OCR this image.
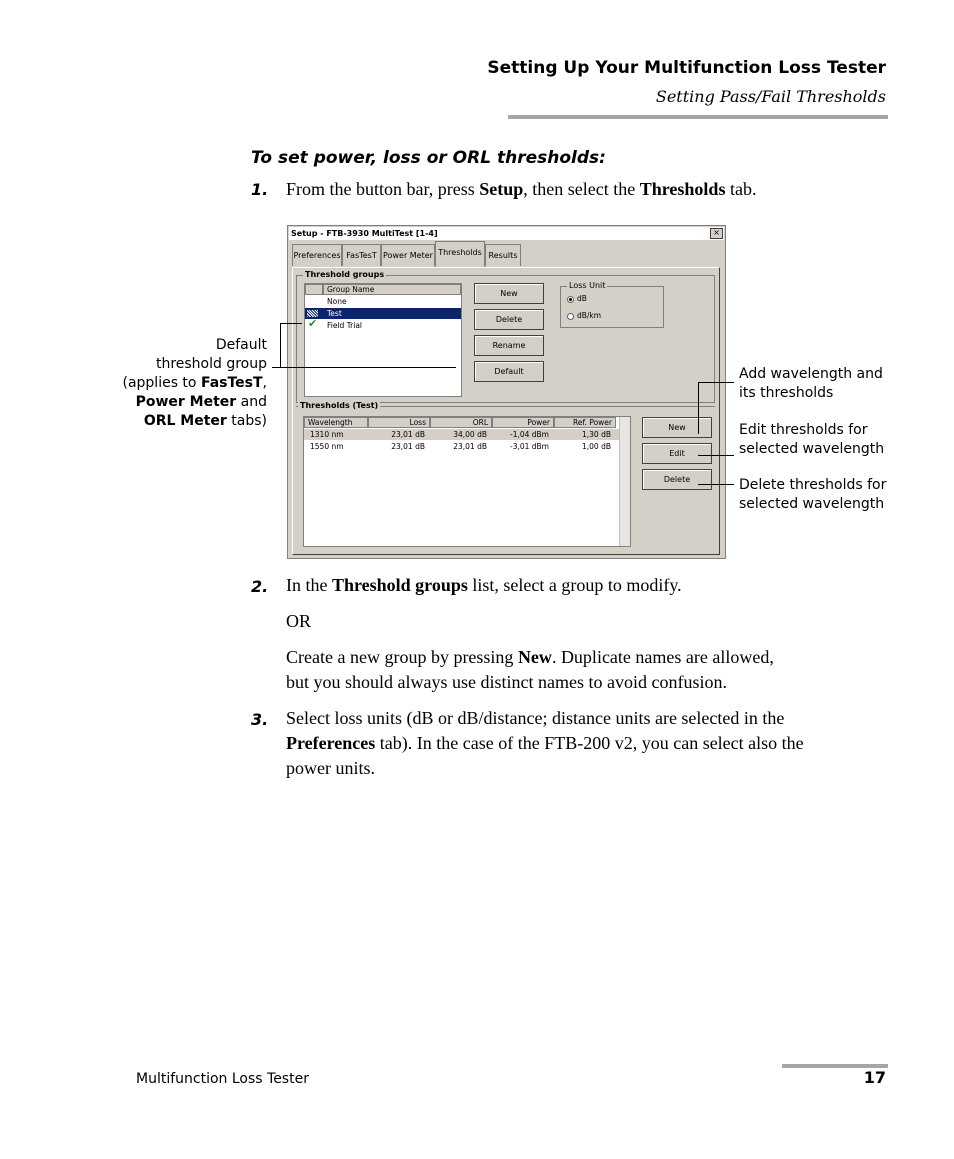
Setting Up Your Multifunction Loss Tester
Setting Pass/Fail Thresholds
To set power, loss or ORL thresholds:
1. From the button bar, press Setup, then select the Thresholds tab.
Setup - FTB-3930 MultiTest [1-4]	×
Preferences FasTesT Power Meter Thresholds Results
Threshold groups
Group Name
None
Test
✔ Field Trial
New
Delete
Rename
Default
Loss Unit
dB
dB/km
Thresholds (Test)
Wavelength	Loss	ORL	Power	Ref. Power
1310 nm	23,01 dB	34,00 dB	-1,04 dBm	1,30 dB
1550 nm	23,01 dB	23,01 dB	-3,01 dBm	1,00 dB
New
Edit
Delete
Default
threshold group
(applies to FasTesT,
Power Meter and
ORL Meter tabs)
Add wavelength and
its thresholds
Edit thresholds for
selected wavelength
Delete thresholds for
selected wavelength
2. In the Threshold groups list, select a group to modify.
OR
Create a new group by pressing New. Duplicate names are allowed,
but you should always use distinct names to avoid confusion.
3. Select loss units (dB or dB/distance; distance units are selected in the
Preferences tab). In the case of the FTB-200 v2, you can select also the
power units.
Multifunction Loss Tester	17
